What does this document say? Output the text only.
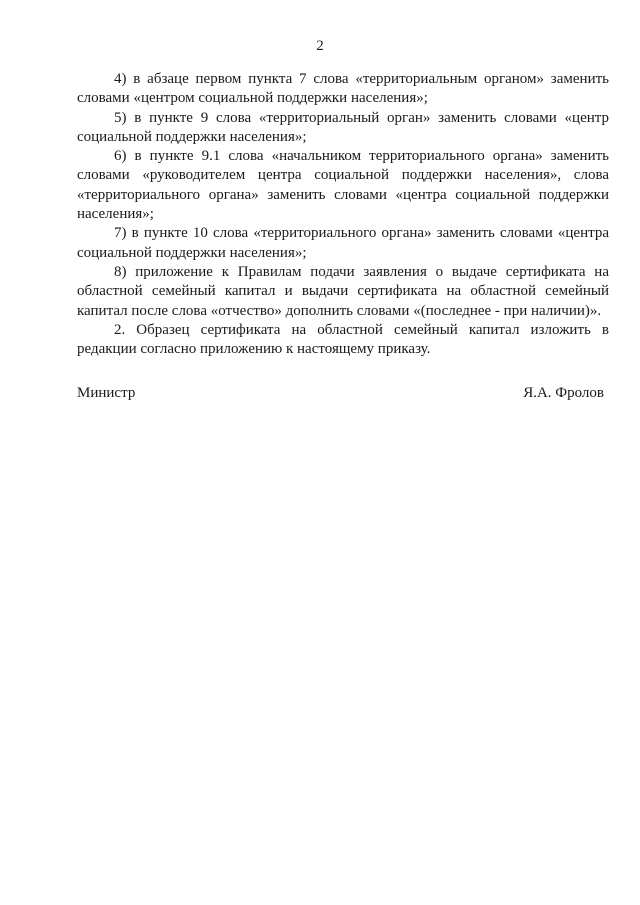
2

4) в абзаце первом пункта 7 слова «территориальным органом» заменить словами «центром социальной поддержки населения»;

5) в пункте 9 слова «территориальный орган» заменить словами «центр социальной поддержки населения»;

6) в пункте 9.1 слова «начальником территориального органа» заменить словами «руководителем центра социальной поддержки населения», слова «территориального органа» заменить словами «центра социальной поддержки населения»;

7) в пункте 10 слова «территориального органа» заменить словами «центра социальной поддержки населения»;

8) приложение к Правилам подачи заявления о выдаче сертификата на областной семейный капитал и выдачи сертификата на областной семейный капитал после слова «отчество» дополнить словами «(последнее - при наличии)».

2. Образец сертификата на областной семейный капитал изложить в редакции согласно приложению к настоящему приказу.

Министр	Я.А. Фролов
